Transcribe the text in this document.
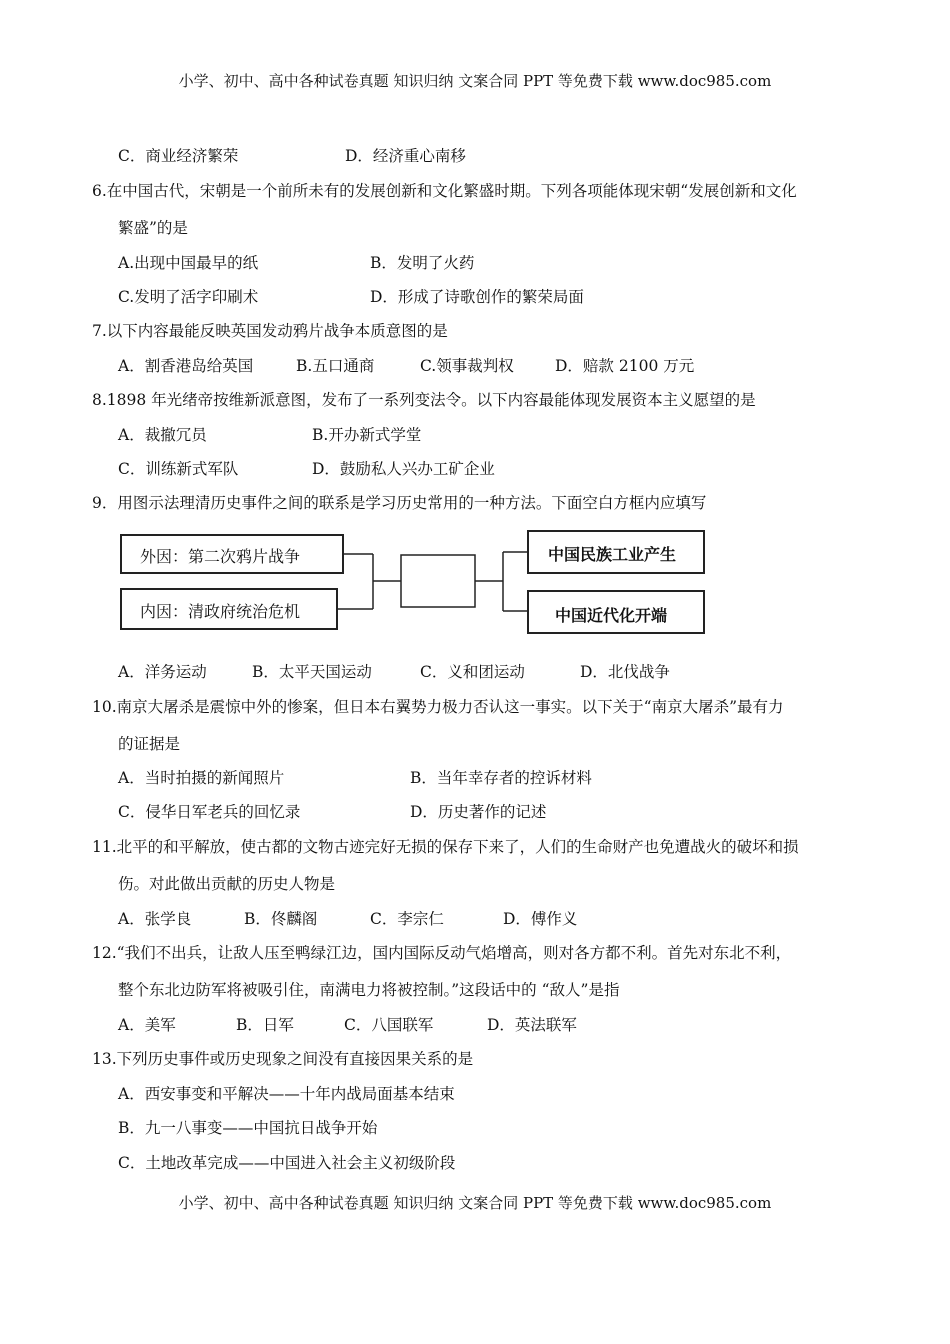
小学、初中、高中各种试卷真题 知识归纳 文案合同 PPT 等免费下载 www.doc985.com
C．商业经济繁荣	D．经济重心南移
6.在中国古代，宋朝是一个前所未有的发展创新和文化繁盛时期。下列各项能体现宋朝“发展创新和文化
繁盛”的是
A.出现中国最早的纸	B．发明了火药
C.发明了活字印刷术	D．形成了诗歌创作的繁荣局面
7.以下内容最能反映英国发动鸦片战争本质意图的是
A．割香港岛给英国	B.五口通商	C.领事裁判权	D．赔款 2100 万元
8.1898 年光绪帝按维新派意图，发布了一系列变法令。以下内容最能体现发展资本主义愿望的是
A．裁撤冗员	B.开办新式学堂
C．训练新式军队	D．鼓励私人兴办工矿企业
9．用图示法理清历史事件之间的联系是学习历史常用的一种方法。下面空白方框内应填写
外因：第二次鸦片战争
内因：清政府统治危机
中国民族工业产生
中国近代化开端
A．洋务运动	B．太平天国运动	C．义和团运动	D．北伐战争
10.南京大屠杀是震惊中外的惨案，但日本右翼势力极力否认这一事实。以下关于“南京大屠杀”最有力
的证据是
A．当时拍摄的新闻照片	B．当年幸存者的控诉材料
C．侵华日军老兵的回忆录	D．历史著作的记述
11.北平的和平解放，使古都的文物古迹完好无损的保存下来了，人们的生命财产也免遭战火的破坏和损
伤。对此做出贡献的历史人物是
A．张学良	B．佟麟阁	C．李宗仁	D．傅作义
12.“我们不出兵，让敌人压至鸭绿江边，国内国际反动气焰增高，则对各方都不利。首先对东北不利，
整个东北边防军将被吸引住，南满电力将被控制。”这段话中的 “敌人”是指
A．美军	B．日军	C．八国联军	D．英法联军
13.下列历史事件或历史现象之间没有直接因果关系的是
A．西安事变和平解决——十年内战局面基本结束
B．九一八事变——中国抗日战争开始
C．土地改革完成——中国进入社会主义初级阶段
小学、初中、高中各种试卷真题 知识归纳 文案合同 PPT 等免费下载 www.doc985.com
